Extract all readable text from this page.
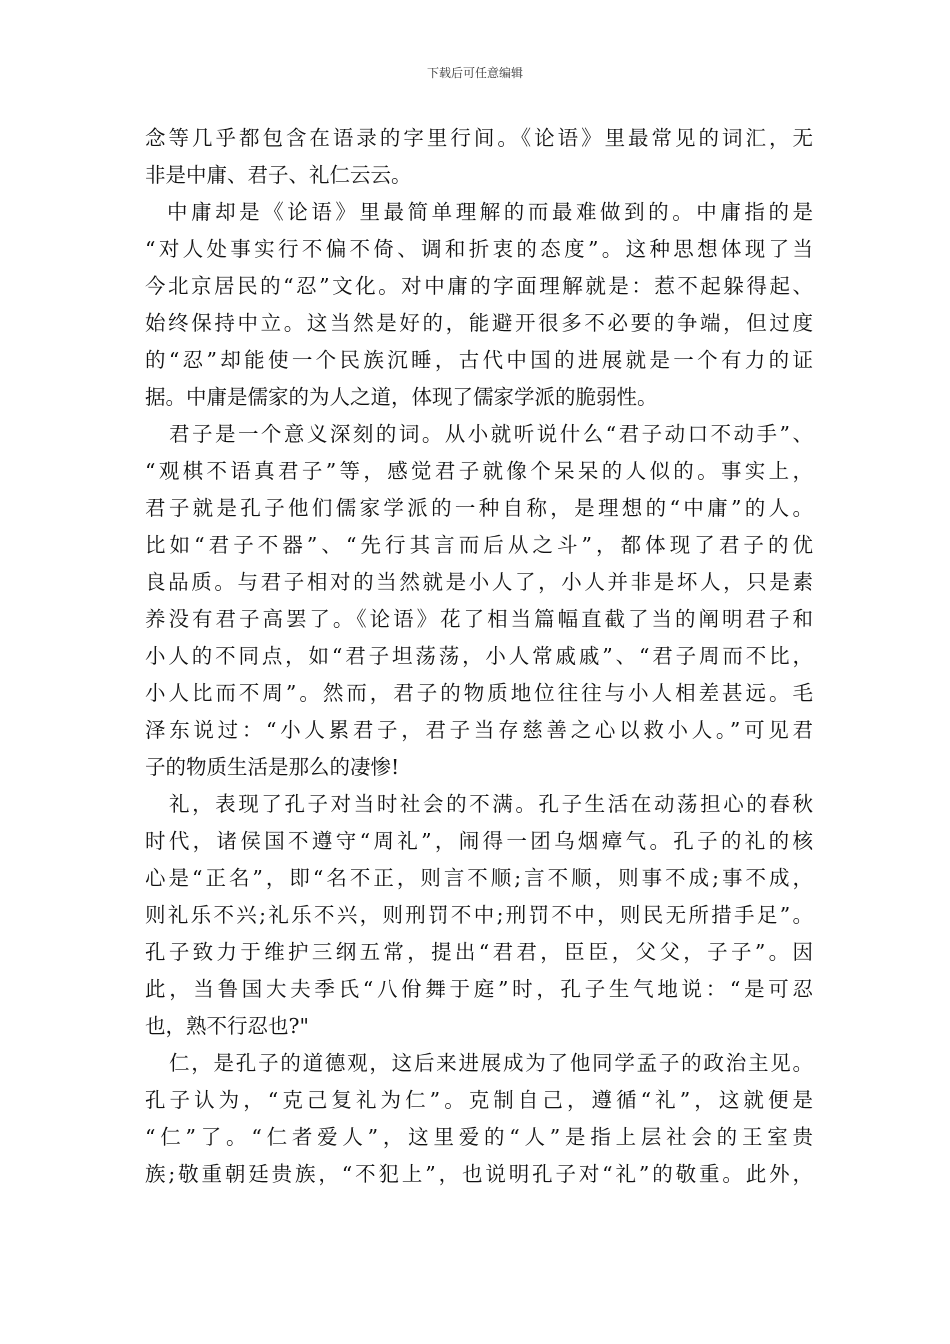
下载后可任意编辑
念等几乎都包含在语录的字里行间。《论语》里最常见的词汇，无
非是中庸、君子、礼仁云云。
中庸却是《论语》里最简单理解的而最难做到的。中庸指的是
“对人处事实行不偏不倚、调和折衷的态度”。这种思想体现了当
今北京居民的“忍”文化。对中庸的字面理解就是：惹不起躲得起、
始终保持中立。这当然是好的，能避开很多不必要的争端，但过度
的“忍”却能使一个民族沉睡，古代中国的进展就是一个有力的证
据。中庸是儒家的为人之道，体现了儒家学派的脆弱性。
君子是一个意义深刻的词。从小就听说什么“君子动口不动手”、
“观棋不语真君子”等，感觉君子就像个呆呆的人似的。事实上，
君子就是孔子他们儒家学派的一种自称，是理想的“中庸”的人。
比如“君子不器”、“先行其言而后从之斗”，都体现了君子的优
良品质。与君子相对的当然就是小人了，小人并非是坏人，只是素
养没有君子高罢了。《论语》花了相当篇幅直截了当的阐明君子和
小人的不同点，如“君子坦荡荡，小人常戚戚”、“君子周而不比，
小人比而不周”。然而，君子的物质地位往往与小人相差甚远。毛
泽东说过：“小人累君子，君子当存慈善之心以救小人。”可见君
子的物质生活是那么的凄惨!
礼，表现了孔子对当时社会的不满。孔子生活在动荡担心的春秋
时代，诸侯国不遵守“周礼”，闹得一团乌烟瘴气。孔子的礼的核
心是“正名”，即“名不正，则言不顺;言不顺，则事不成;事不成，
则礼乐不兴;礼乐不兴，则刑罚不中;刑罚不中，则民无所措手足”。
孔子致力于维护三纲五常，提出“君君，臣臣，父父，子子”。因
此，当鲁国大夫季氏“八佾舞于庭”时，孔子生气地说：“是可忍
也，熟不行忍也?"
仁，是孔子的道德观，这后来进展成为了他同学孟子的政治主见。
孔子认为，“克己复礼为仁”。克制自己，遵循“礼”，这就便是
“仁”了。“仁者爱人”，这里爱的“人”是指上层社会的王室贵
族;敬重朝廷贵族，“不犯上”，也说明孔子对“礼”的敬重。此外，
